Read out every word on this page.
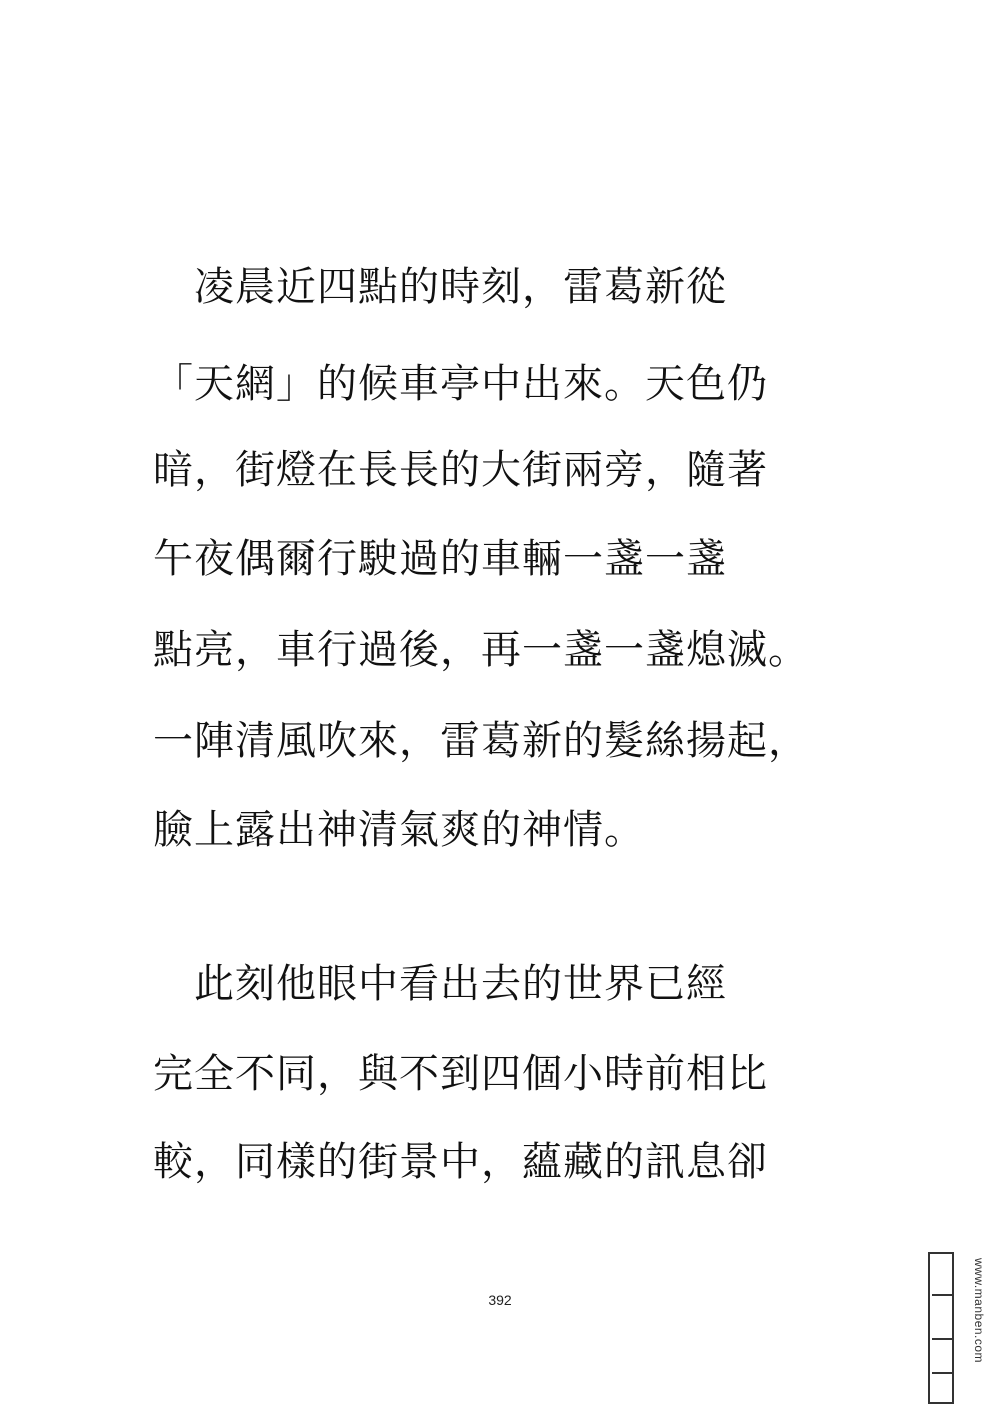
　凌晨近四點的時刻，雷葛新從
「天網」的候車亭中出來。天色仍
暗，街燈在長長的大街兩旁，隨著
午夜偶爾行駛過的車輛一盞一盞
點亮，車行過後，再一盞一盞熄滅。
一陣清風吹來，雷葛新的髮絲揚起，
臉上露出神清氣爽的神情。
　此刻他眼中看出去的世界已經
完全不同，與不到四個小時前相比
較，同樣的街景中，蘊藏的訊息卻
392	www.manben.com
